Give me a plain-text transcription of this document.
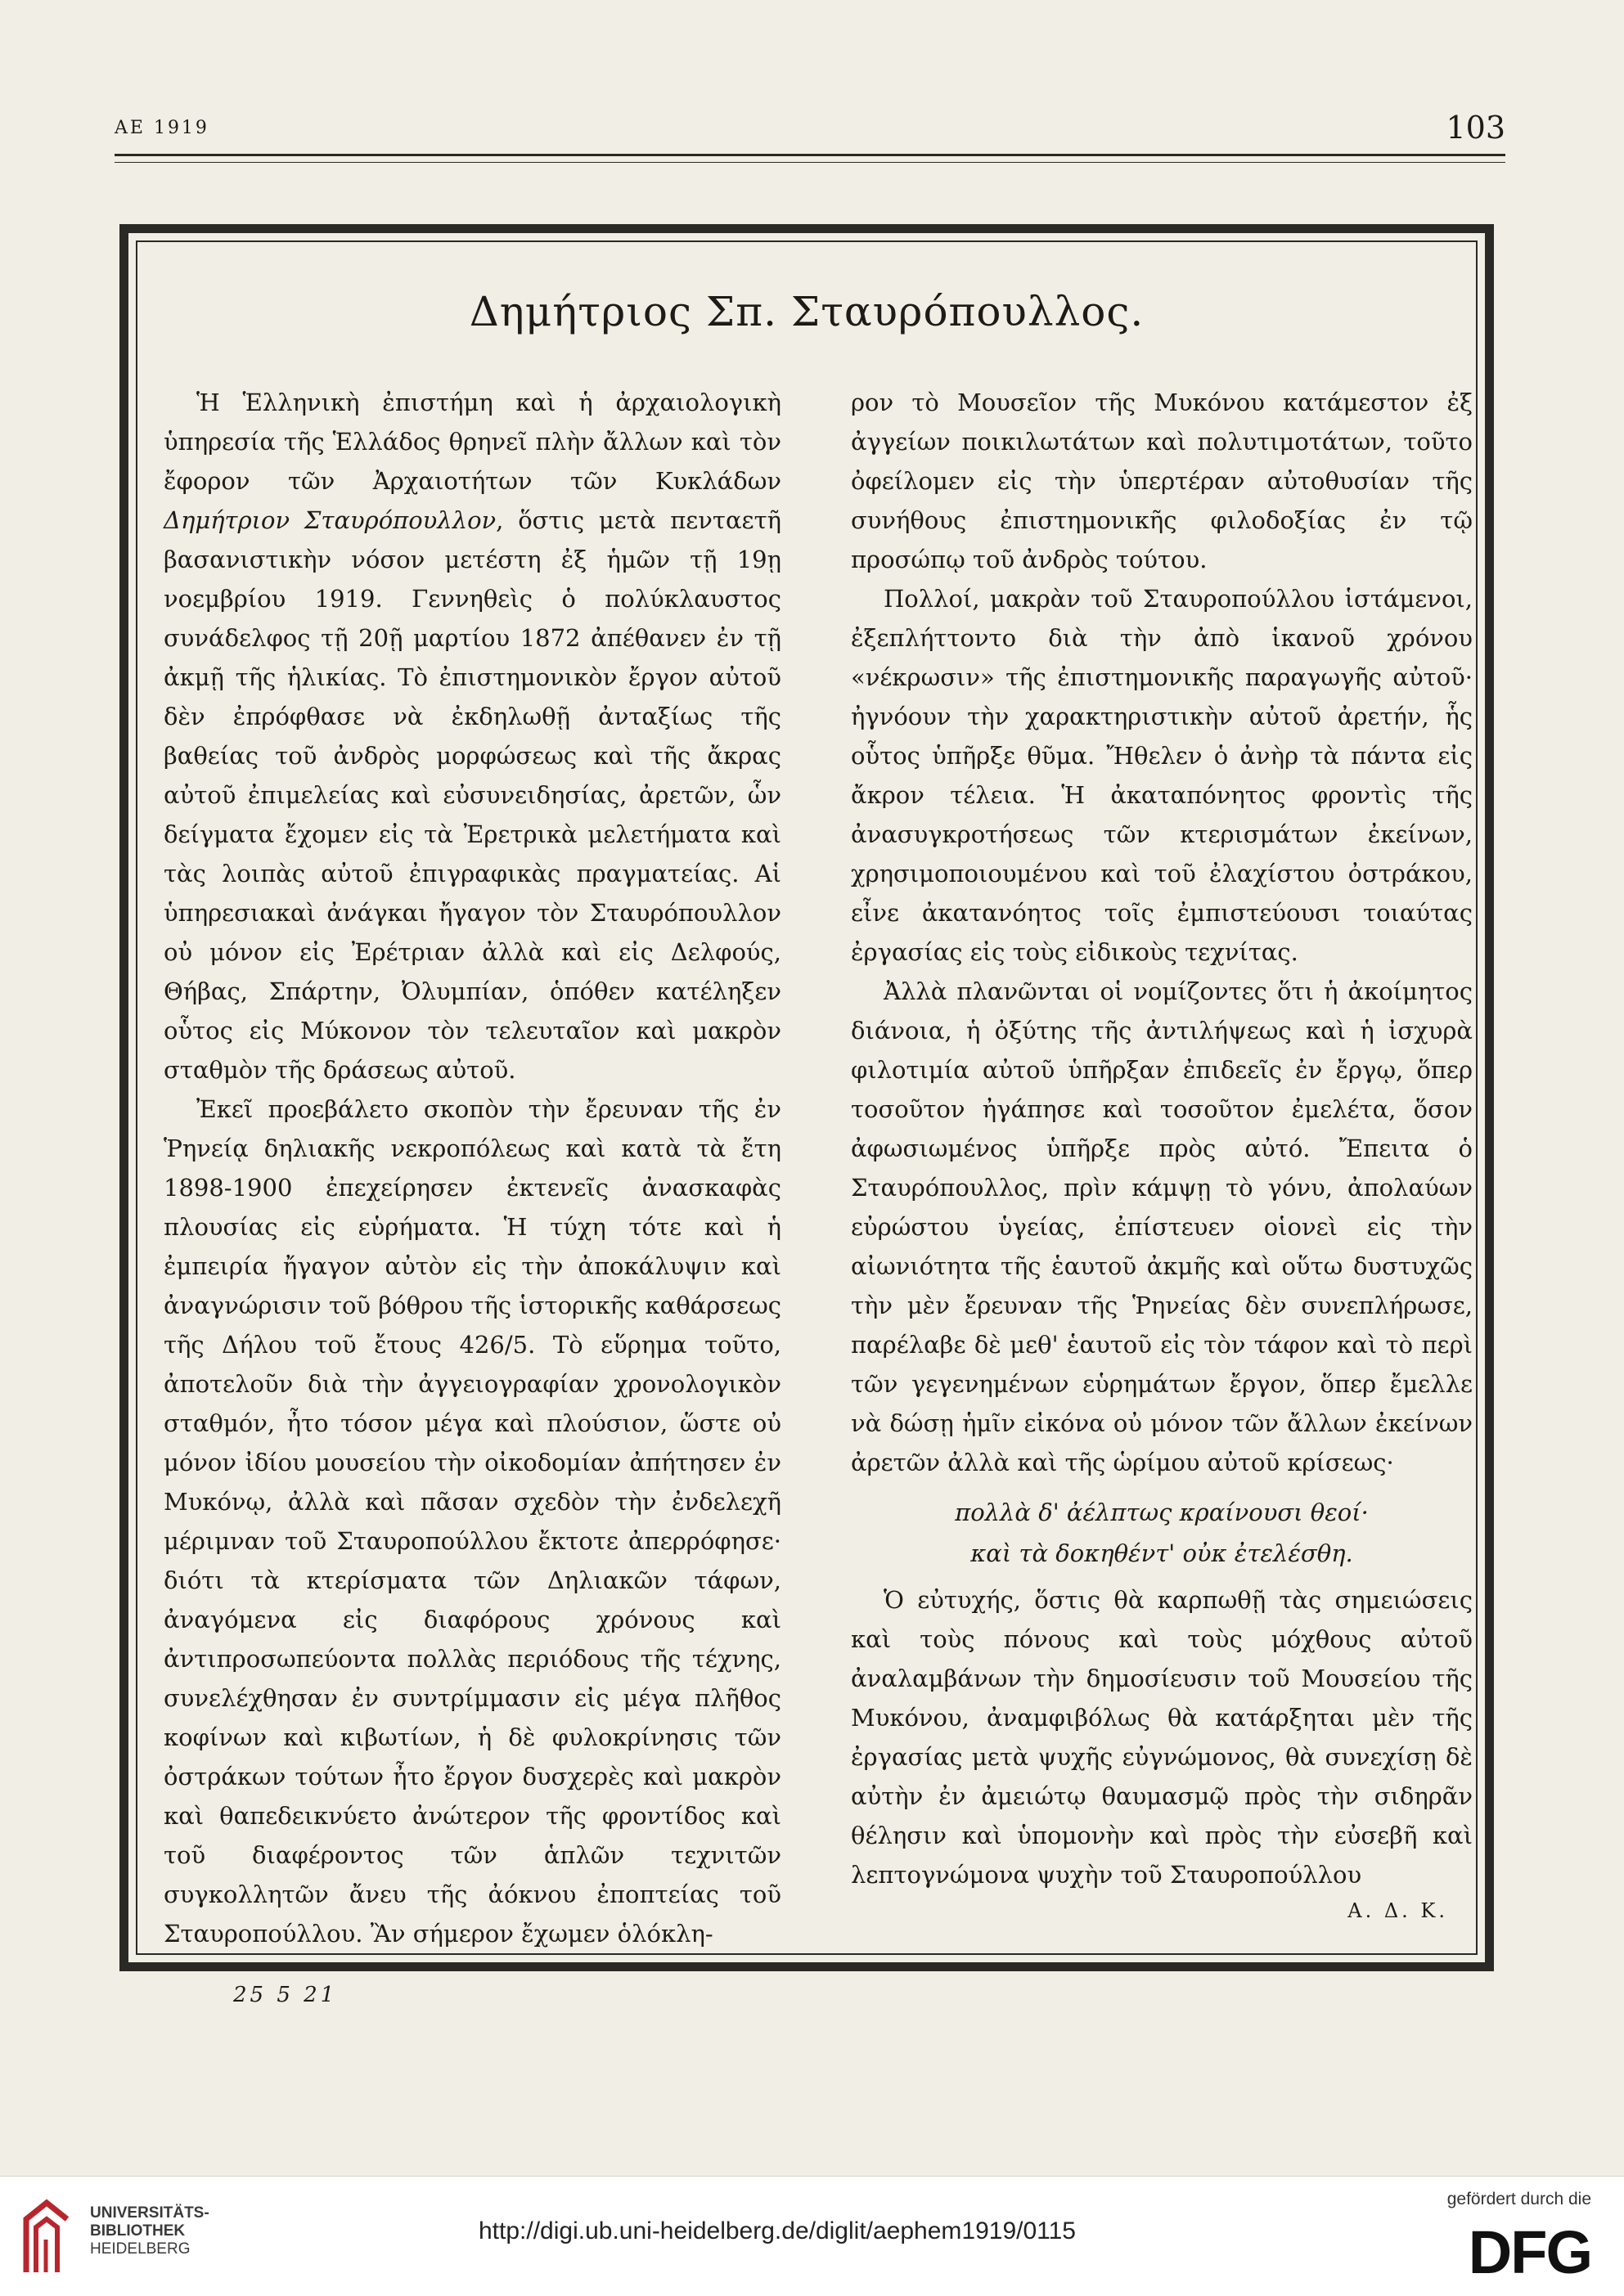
ΑΕ 1919	103
Δημήτριος Σπ. Σταυρόπουλλος.

Ἡ Ἑλληνικὴ ἐπιστήμη καὶ ἡ ἀρχαιολογικὴ ὑπηρεσία τῆς Ἑλλάδος θρηνεῖ πλὴν ἄλλων καὶ τὸν ἔφορον τῶν Ἀρχαιοτήτων τῶν Κυκλάδων Δημήτριον Σταυρόπουλλον, ὅστις μετὰ πενταετῆ βασανιστικὴν νόσον μετέστη ἐξ ἡμῶν τῇ 19ῃ νοεμβρίου 1919. Γεννηθεὶς ὁ πολύκλαυστος συνάδελφος τῇ 20ῇ μαρτίου 1872 ἀπέθανεν ἐν τῇ ἀκμῇ τῆς ἡλικίας. Τὸ ἐπιστημονικὸν ἔργον αὐτοῦ δὲν ἐπρόφθασε νὰ ἐκδηλωθῇ ἀνταξίως τῆς βαθείας τοῦ ἀνδρὸς μορφώσεως καὶ τῆς ἄκρας αὐτοῦ ἐπιμελείας καὶ εὐσυνειδησίας, ἀρετῶν, ὧν δείγματα ἔχομεν εἰς τὰ Ἐρετρικὰ μελετήματα καὶ τὰς λοιπὰς αὐτοῦ ἐπιγραφικὰς πραγματείας. Αἱ ὑπηρεσιακαὶ ἀνάγκαι ἤγαγον τὸν Σταυρόπουλλον οὐ μόνον εἰς Ἐρέτριαν ἀλλὰ καὶ εἰς Δελφούς, Θήβας, Σπάρτην, Ὀλυμπίαν, ὁπόθεν κατέληξεν οὗτος εἰς Μύκονον τὸν τελευταῖον καὶ μακρὸν σταθμὸν τῆς δράσεως αὐτοῦ.

Ἐκεῖ προεβάλετο σκοπὸν τὴν ἔρευναν τῆς ἐν Ῥηνείᾳ δηλιακῆς νεκροπόλεως καὶ κατὰ τὰ ἔτη 1898-1900 ἐπεχείρησεν ἐκτενεῖς ἀνασκαφὰς πλουσίας εἰς εὑρήματα. Ἡ τύχη τότε καὶ ἡ ἐμπειρία ἤγαγον αὐτὸν εἰς τὴν ἀποκάλυψιν καὶ ἀναγνώρισιν τοῦ βόθρου τῆς ἱστορικῆς καθάρσεως τῆς Δήλου τοῦ ἔτους 426/5. Τὸ εὕρημα τοῦτο, ἀποτελοῦν διὰ τὴν ἀγγειογραφίαν χρονολογικὸν σταθμόν, ἦτο τόσον μέγα καὶ πλούσιον, ὥστε οὐ μόνον ἰδίου μουσείου τὴν οἰκοδομίαν ἀπήτησεν ἐν Μυκόνῳ, ἀλλὰ καὶ πᾶσαν σχεδὸν τὴν ἐνδελεχῆ μέριμναν τοῦ Σταυροπούλλου ἔκτοτε ἀπερρόφησε· διότι τὰ κτερίσματα τῶν Δηλιακῶν τάφων, ἀναγόμενα εἰς διαφόρους χρόνους καὶ ἀντιπροσωπεύοντα πολλὰς περιόδους τῆς τέχνης, συνελέχθησαν ἐν συντρίμμασιν εἰς μέγα πλῆθος κοφίνων καὶ κιβωτίων, ἡ δὲ φυλοκρίνησις τῶν ὀστράκων τούτων ἦτο ἔργον δυσχερὲς καὶ μακρὸν καὶ θαπεδεικνύετο ἀνώτερον τῆς φροντίδος καὶ τοῦ διαφέροντος τῶν ἁπλῶν τεχνιτῶν συγκολλητῶν ἄνευ τῆς ἀόκνου ἐποπτείας τοῦ Σταυροπούλλου. Ἂν σήμερον ἔχωμεν ὁλόκλη-

ρον τὸ Μουσεῖον τῆς Μυκόνου κατάμεστον ἐξ ἀγγείων ποικιλωτάτων καὶ πολυτιμοτάτων, τοῦτο ὀφείλομεν εἰς τὴν ὑπερτέραν αὐτοθυσίαν τῆς συνήθους ἐπιστημονικῆς φιλοδοξίας ἐν τῷ προσώπῳ τοῦ ἀνδρὸς τούτου.

Πολλοί, μακρὰν τοῦ Σταυροπούλλου ἱστάμενοι, ἐξεπλήττοντο διὰ τὴν ἀπὸ ἱκανοῦ χρόνου «νέκρωσιν» τῆς ἐπιστημονικῆς παραγωγῆς αὐτοῦ· ἠγνόουν τὴν χαρακτηριστικὴν αὐτοῦ ἀρετήν, ἧς οὗτος ὑπῆρξε θῦμα. Ἤθελεν ὁ ἀνὴρ τὰ πάντα εἰς ἄκρον τέλεια. Ἡ ἀκαταπόνητος φροντὶς τῆς ἀνασυγκροτήσεως τῶν κτερισμάτων ἐκείνων, χρησιμοποιουμένου καὶ τοῦ ἐλαχίστου ὀστράκου, εἶνε ἀκατανόητος τοῖς ἐμπιστεύουσι τοιαύτας ἐργασίας εἰς τοὺς εἰδικοὺς τεχνίτας.

Ἀλλὰ πλανῶνται οἱ νομίζοντες ὅτι ἡ ἀκοίμητος διάνοια, ἡ ὀξύτης τῆς ἀντιλήψεως καὶ ἡ ἰσχυρὰ φιλοτιμία αὐτοῦ ὑπῆρξαν ἐπιδεεῖς ἐν ἔργῳ, ὅπερ τοσοῦτον ἠγάπησε καὶ τοσοῦτον ἐμελέτα, ὅσον ἀφωσιωμένος ὑπῆρξε πρὸς αὐτό. Ἔπειτα ὁ Σταυρόπουλλος, πρὶν κάμψῃ τὸ γόνυ, ἀπολαύων εὐρώστου ὑγείας, ἐπίστευεν οἱονεὶ εἰς τὴν αἰωνιότητα τῆς ἑαυτοῦ ἀκμῆς καὶ οὕτω δυστυχῶς τὴν μὲν ἔρευναν τῆς Ῥηνείας δὲν συνεπλήρωσε, παρέλαβε δὲ μεθ' ἑαυτοῦ εἰς τὸν τάφον καὶ τὸ περὶ τῶν γεγενημένων εὑρημάτων ἔργον, ὅπερ ἔμελλε νὰ δώσῃ ἡμῖν εἰκόνα οὐ μόνον τῶν ἄλλων ἐκείνων ἀρετῶν ἀλλὰ καὶ τῆς ὡρίμου αὐτοῦ κρίσεως·

πολλὰ δ' ἀέλπτως κραίνουσι θεοί·
καὶ τὰ δοκηθέντ' οὐκ ἐτελέσθη.

Ὁ εὐτυχής, ὅστις θὰ καρπωθῇ τὰς σημειώσεις καὶ τοὺς πόνους καὶ τοὺς μόχθους αὐτοῦ ἀναλαμβάνων τὴν δημοσίευσιν τοῦ Μουσείου τῆς Μυκόνου, ἀναμφιβόλως θὰ κατάρξηται μὲν τῆς ἐργασίας μετὰ ψυχῆς εὐγνώμονος, θὰ συνεχίσῃ δὲ αὐτὴν ἐν ἀμειώτῳ θαυμασμῷ πρὸς τὴν σιδηρᾶν θέλησιν καὶ ὑπομονὴν καὶ πρὸς τὴν εὐσεβῆ καὶ λεπτογνώμονα ψυχὴν τοῦ Σταυροπούλλου

Α. Δ. Κ.
25 5 21
UNIVERSITÄTS-
BIBLIOTHEK
HEIDELBERG
http://digi.ub.uni-heidelberg.de/diglit/aephem1919/0115
gefördert durch die
DFG
